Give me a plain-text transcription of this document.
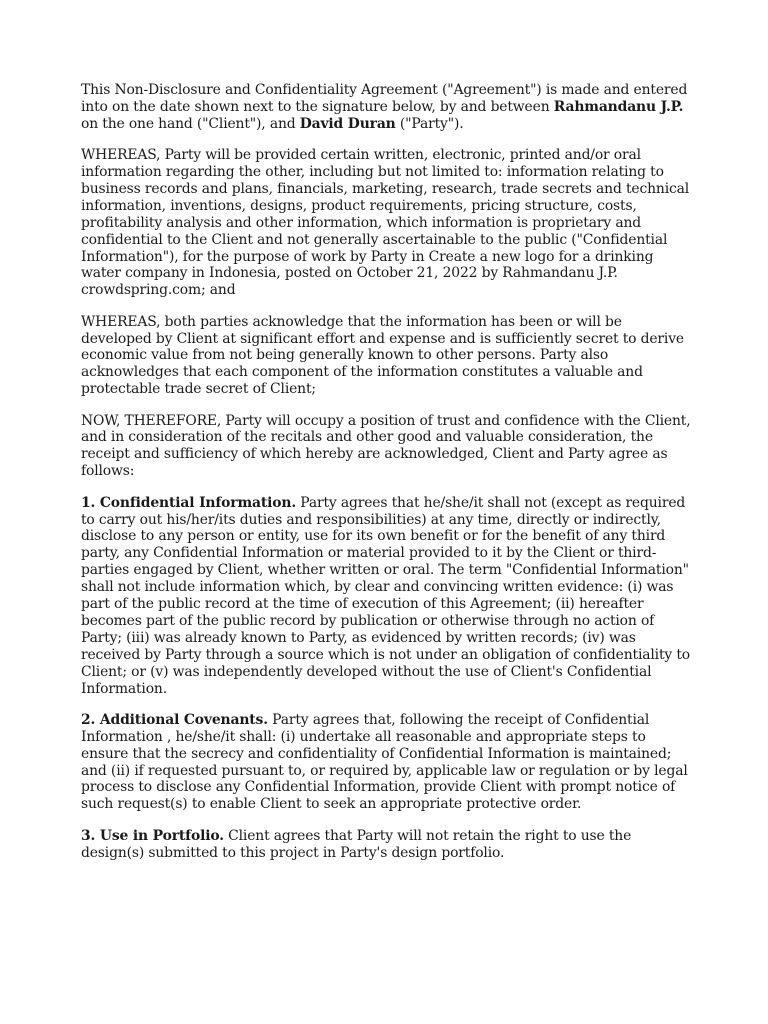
This Non-Disclosure and Confidentiality Agreement ("Agreement") is made and entered into on the date shown next to the signature below, by and between Rahmandanu J.P. on the one hand ("Client"), and David Duran ("Party").

WHEREAS, Party will be provided certain written, electronic, printed and/or oral information regarding the other, including but not limited to: information relating to business records and plans, financials, marketing, research, trade secrets and technical information, inventions, designs, product requirements, pricing structure, costs, profitability analysis and other information, which information is proprietary and confidential to the Client and not generally ascertainable to the public ("Confidential Information"), for the purpose of work by Party in Create a new logo for a drinking water company in Indonesia, posted on October 21, 2022 by Rahmandanu J.P. crowdspring.com; and

WHEREAS, both parties acknowledge that the information has been or will be developed by Client at significant effort and expense and is sufficiently secret to derive economic value from not being generally known to other persons. Party also acknowledges that each component of the information constitutes a valuable and protectable trade secret of Client;

NOW, THEREFORE, Party will occupy a position of trust and confidence with the Client, and in consideration of the recitals and other good and valuable consideration, the receipt and sufficiency of which hereby are acknowledged, Client and Party agree as follows:

1. Confidential Information. Party agrees that he/she/it shall not (except as required to carry out his/her/its duties and responsibilities) at any time, directly or indirectly, disclose to any person or entity, use for its own benefit or for the benefit of any third party, any Confidential Information or material provided to it by the Client or third-parties engaged by Client, whether written or oral. The term "Confidential Information" shall not include information which, by clear and convincing written evidence: (i) was part of the public record at the time of execution of this Agreement; (ii) hereafter becomes part of the public record by publication or otherwise through no action of Party; (iii) was already known to Party, as evidenced by written records; (iv) was received by Party through a source which is not under an obligation of confidentiality to Client; or (v) was independently developed without the use of Client's Confidential Information.

2. Additional Covenants. Party agrees that, following the receipt of Confidential Information , he/she/it shall: (i) undertake all reasonable and appropriate steps to ensure that the secrecy and confidentiality of Confidential Information is maintained; and (ii) if requested pursuant to, or required by, applicable law or regulation or by legal process to disclose any Confidential Information, provide Client with prompt notice of such request(s) to enable Client to seek an appropriate protective order.

3. Use in Portfolio. Client agrees that Party will not retain the right to use the design(s) submitted to this project in Party's design portfolio.
